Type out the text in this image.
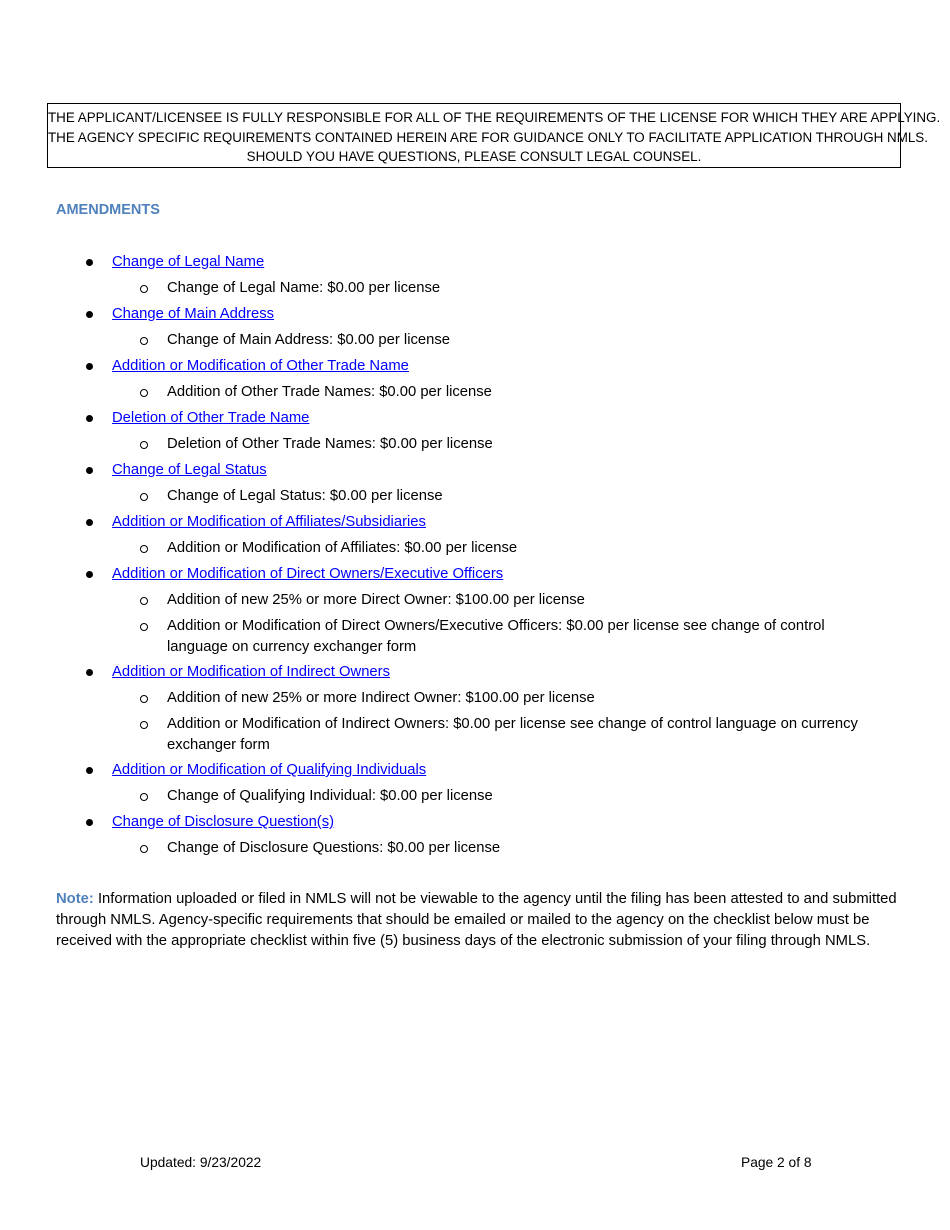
THE APPLICANT/LICENSEE IS FULLY RESPONSIBLE FOR ALL OF THE REQUIREMENTS OF THE LICENSE FOR WHICH THEY ARE APPLYING.
THE AGENCY SPECIFIC REQUIREMENTS CONTAINED HEREIN ARE FOR GUIDANCE ONLY TO FACILITATE APPLICATION THROUGH NMLS.
SHOULD YOU HAVE QUESTIONS, PLEASE CONSULT LEGAL COUNSEL.
AMENDMENTS
Change of Legal Name
Change of Legal Name: $0.00 per license
Change of Main Address
Change of Main Address: $0.00 per license
Addition or Modification of Other Trade Name
Addition of Other Trade Names: $0.00 per license
Deletion of Other Trade Name
Deletion of Other Trade Names: $0.00 per license
Change of Legal Status
Change of Legal Status: $0.00 per license
Addition or Modification of Affiliates/Subsidiaries
Addition or Modification of Affiliates: $0.00 per license
Addition or Modification of Direct Owners/Executive Officers
Addition of new 25% or more Direct Owner: $100.00 per license
Addition or Modification of Direct Owners/Executive Officers: $0.00 per license see change of control language on currency exchanger form
Addition or Modification of Indirect Owners
Addition of new 25% or more Indirect Owner: $100.00 per license
Addition or Modification of Indirect Owners: $0.00 per license see change of control language on currency exchanger form
Addition or Modification of Qualifying Individuals
Change of Qualifying Individual: $0.00 per license
Change of Disclosure Question(s)
Change of Disclosure Questions: $0.00 per license
Note: Information uploaded or filed in NMLS will not be viewable to the agency until the filing has been attested to and submitted through NMLS. Agency-specific requirements that should be emailed or mailed to the agency on the checklist below must be received with the appropriate checklist within five (5) business days of the electronic submission of your filing through NMLS.
Updated: 9/23/2022	Page 2 of 8
